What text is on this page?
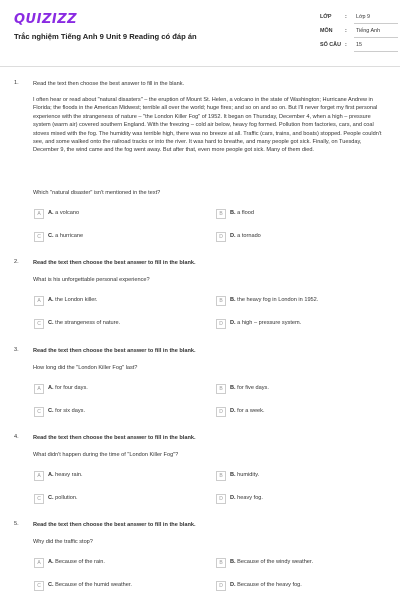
QUIZIZZ
Trắc nghiệm Tiếng Anh 9 Unit 9 Reading có đáp án
LỚP	: Lớp 9
MÔN : Tiếng Anh
SỐ CÂU : 15
1.	Read the text then choose the best answer to fill in the blank.

I often hear or read about "natural disasters" – the eruption of Mount St. Helen, a volcano in the state of Washington; Hurricane Andrew in Florida; the floods in the American Midwest; terrible all over the world; huge fires; and so on and so on. But I'll never forget my first personal experience with the strangeness of nature – "the London Killer Fog" of 1952. It began on Thursday, December 4, when a high – pressure system (warm air) covered southern England. With the freezing – cold air below, heavy fog formed. Pollution from factories, cars, and coal stoves mixed with the fog. The humidity was terrible high, there was no breeze at all. Traffic (cars, trains, and boats) stopped. People couldn't see, and some walked onto the railroad tracks or into the river. It was hard to breathe, and many people got sick. Finally, on Tuesday, December 9, the wind came and the fog went away. But after that, even more people got sick. Many of them died.

Which "natural disaster" isn't mentioned in the text?
A	A. a volcano	B	B. a flood
C	C. a hurricane	D	D. a tornado
2.	Read the text then choose the best answer to fill in the blank.
What is his unforgettable personal experience?
A	A. the London killer.	B	B. the heavy fog in London in 1952.
C	C. the strangeness of nature.	D	D. a high – pressure system.
3.	Read the text then choose the best answer to fill in the blank.
How long did the "London Killer Fog" last?
A	A. for four days.	B	B. for five days.
C	C. for six days.	D	D. for a week.
4.	Read the text then choose the best answer to fill in the blank.
What didn't happen during the time of "London Killer Fog"?
A	A. heavy rain.	B	B. humidity.
C	C. pollution.	D	D. heavy fog.
5.	Read the text then choose the best answer to fill in the blank.
Why did the traffic stop?
A	A. Because of the rain.	B	B. Because of the windy weather.
C	C. Because of the humid weather.	D	D. Because of the heavy fog.
